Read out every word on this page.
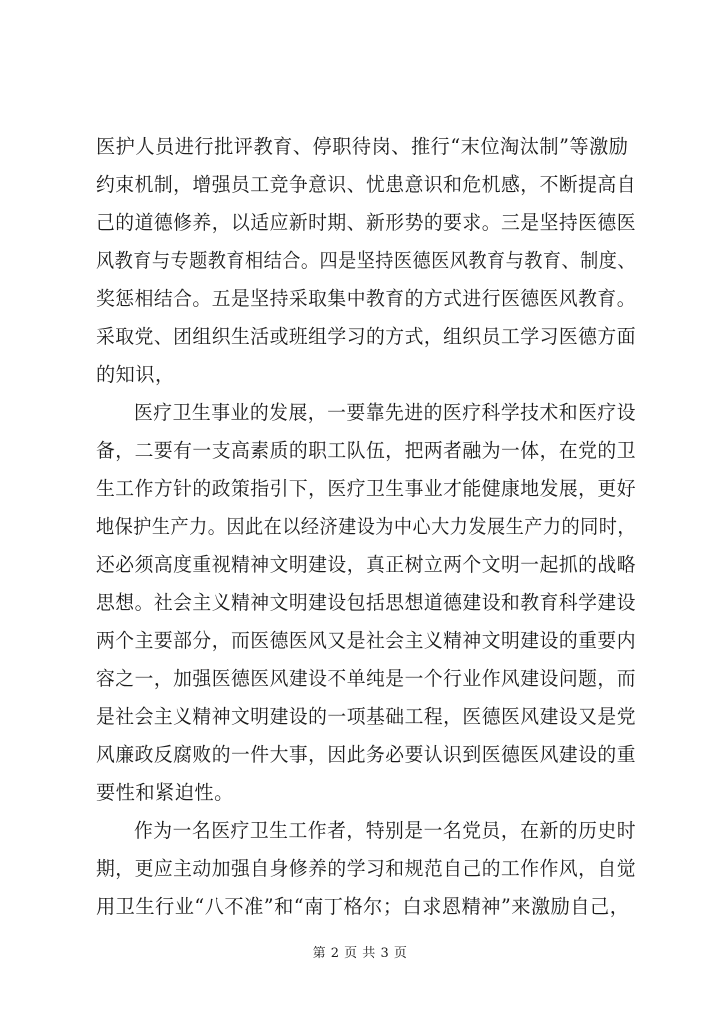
医护人员进行批评教育、停职待岗、推行“末位淘汰制”等激励
约束机制，增强员工竞争意识、忧患意识和危机感，不断提高自
己的道德修养，以适应新时期、新形势的要求。三是坚持医德医
风教育与专题教育相结合。四是坚持医德医风教育与教育、制度、
奖惩相结合。五是坚持采取集中教育的方式进行医德医风教育。
采取党、团组织生活或班组学习的方式，组织员工学习医德方面
的知识，
医疗卫生事业的发展，一要靠先进的医疗科学技术和医疗设
备，二要有一支高素质的职工队伍，把两者融为一体，在党的卫
生工作方针的政策指引下，医疗卫生事业才能健康地发展，更好
地保护生产力。因此在以经济建设为中心大力发展生产力的同时，
还必须高度重视精神文明建设，真正树立两个文明一起抓的战略
思想。社会主义精神文明建设包括思想道德建设和教育科学建设
两个主要部分，而医德医风又是社会主义精神文明建设的重要内
容之一，加强医德医风建设不单纯是一个行业作风建设问题，而
是社会主义精神文明建设的一项基础工程，医德医风建设又是党
风廉政反腐败的一件大事，因此务必要认识到医德医风建设的重
要性和紧迫性。
作为一名医疗卫生工作者，特别是一名党员，在新的历史时
期，更应主动加强自身修养的学习和规范自己的工作作风，自觉
用卫生行业“八不准”和“南丁格尔；白求恩精神”来激励自己，
第 2 页 共 3 页
